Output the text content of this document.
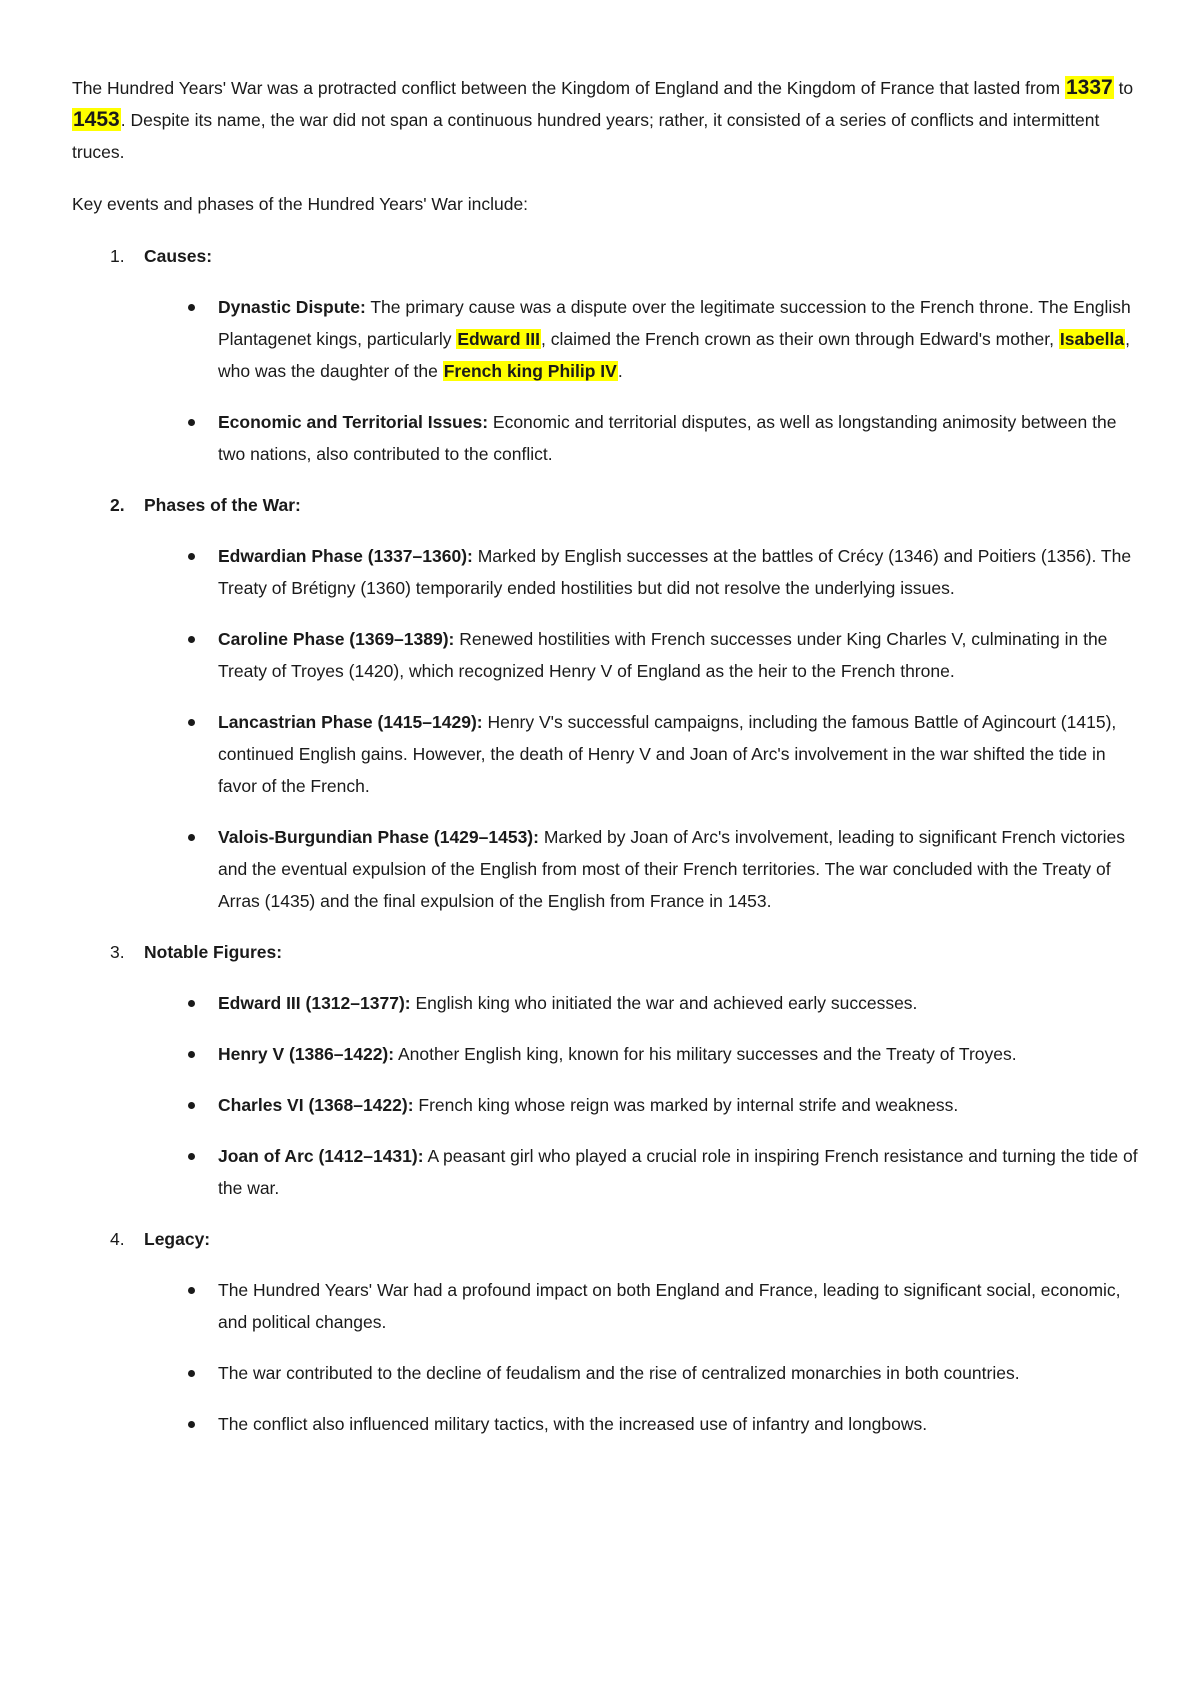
The Hundred Years' War was a protracted conflict between the Kingdom of England and the Kingdom of France that lasted from 1337 to 1453. Despite its name, the war did not span a continuous hundred years; rather, it consisted of a series of conflicts and intermittent truces.

Key events and phases of the Hundred Years' War include:

1. Causes:
Dynastic Dispute: The primary cause was a dispute over the legitimate succession to the French throne. The English Plantagenet kings, particularly Edward III, claimed the French crown as their own through Edward's mother, Isabella, who was the daughter of the French king Philip IV.
Economic and Territorial Issues: Economic and territorial disputes, as well as longstanding animosity between the two nations, also contributed to the conflict.
2. Phases of the War:
Edwardian Phase (1337–1360): Marked by English successes at the battles of Crécy (1346) and Poitiers (1356). The Treaty of Brétigny (1360) temporarily ended hostilities but did not resolve the underlying issues.
Caroline Phase (1369–1389): Renewed hostilities with French successes under King Charles V, culminating in the Treaty of Troyes (1420), which recognized Henry V of England as the heir to the French throne.
Lancastrian Phase (1415–1429): Henry V's successful campaigns, including the famous Battle of Agincourt (1415), continued English gains. However, the death of Henry V and Joan of Arc's involvement in the war shifted the tide in favor of the French.
Valois-Burgundian Phase (1429–1453): Marked by Joan of Arc's involvement, leading to significant French victories and the eventual expulsion of the English from most of their French territories. The war concluded with the Treaty of Arras (1435) and the final expulsion of the English from France in 1453.
3. Notable Figures:
Edward III (1312–1377): English king who initiated the war and achieved early successes.
Henry V (1386–1422): Another English king, known for his military successes and the Treaty of Troyes.
Charles VI (1368–1422): French king whose reign was marked by internal strife and weakness.
Joan of Arc (1412–1431): A peasant girl who played a crucial role in inspiring French resistance and turning the tide of the war.
4. Legacy:
The Hundred Years' War had a profound impact on both England and France, leading to significant social, economic, and political changes.
The war contributed to the decline of feudalism and the rise of centralized monarchies in both countries.
The conflict also influenced military tactics, with the increased use of infantry and longbows.
